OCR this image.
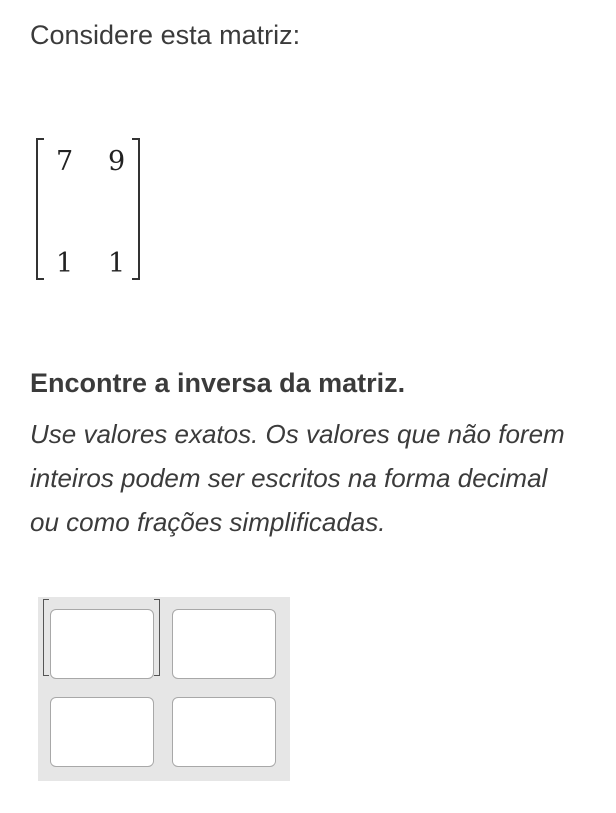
Considere esta matriz:
7 9
1 1
Encontre a inversa da matriz.
Use valores exatos. Os valores que não forem
inteiros podem ser escritos na forma decimal
ou como frações simplificadas.
